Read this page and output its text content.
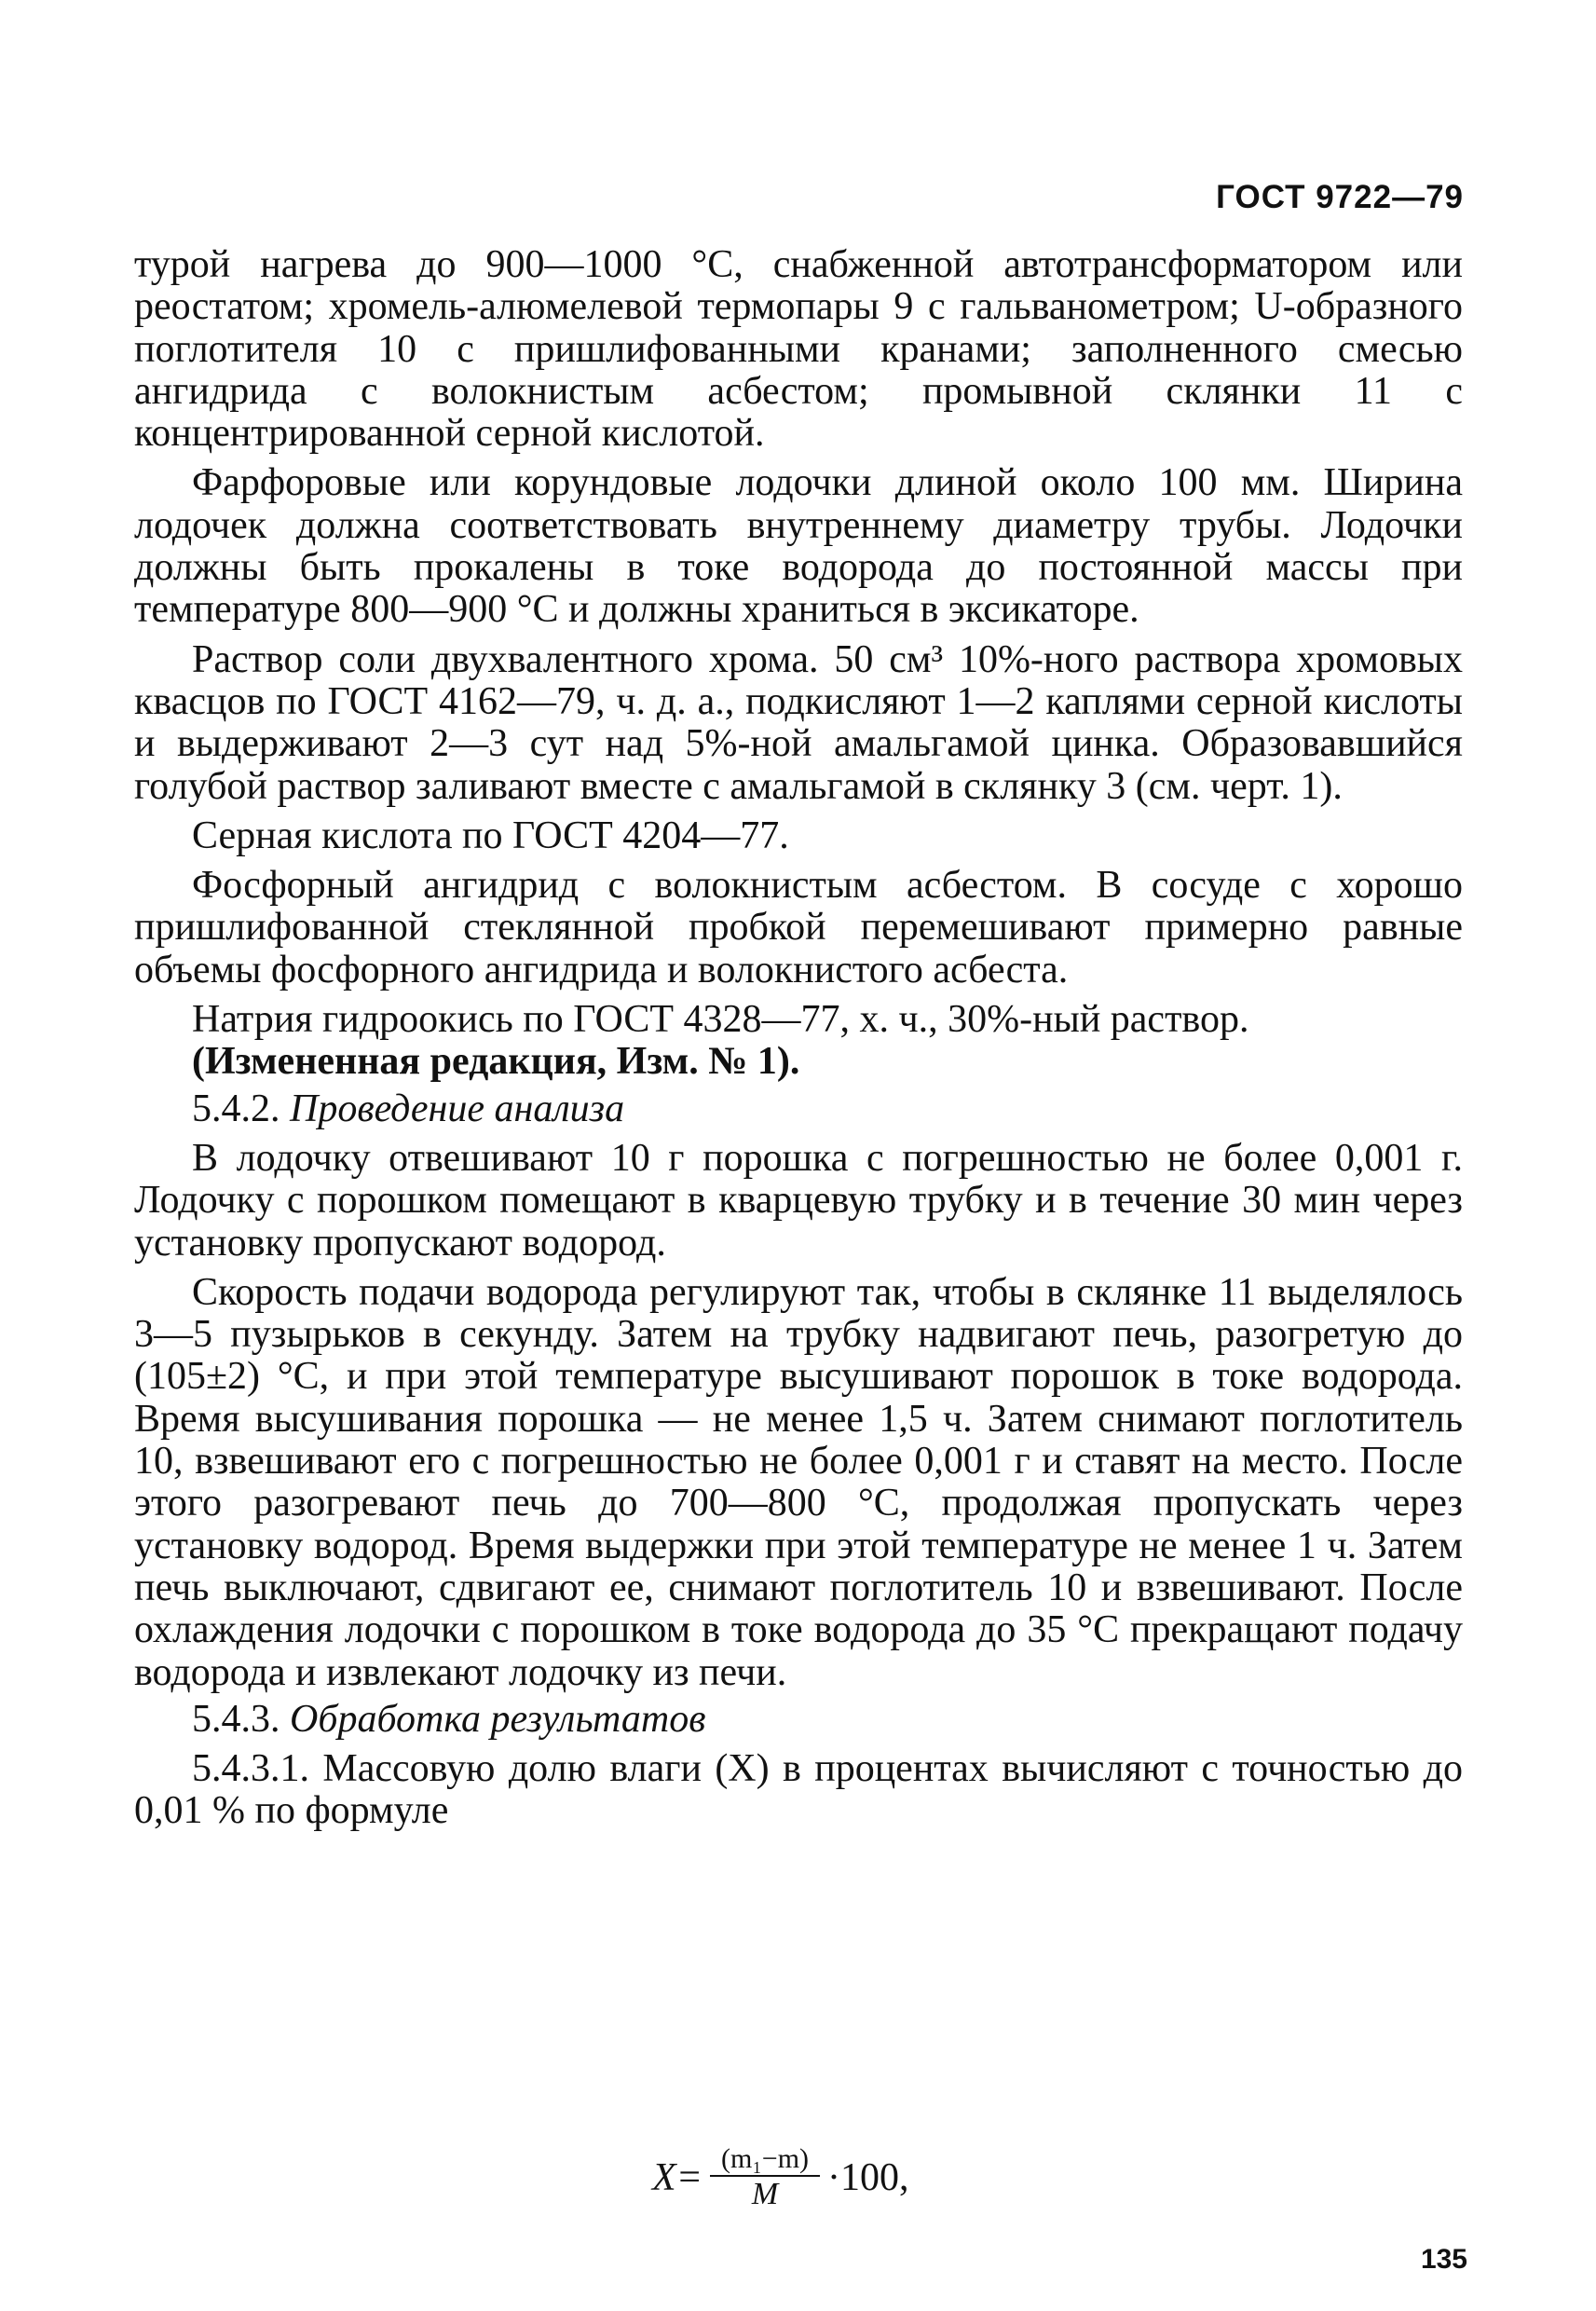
ГОСТ 9722—79

турой нагрева до 900—1000 °С, снабженной автотрансформатором или реостатом; хромель-алюмелевой термопары 9 с гальванометром; U-образного поглотителя 10 с пришлифованными кранами; заполненного смесью ангидрида с волокнистым асбестом; промывной склянки 11 с концентрированной серной кислотой.

Фарфоровые или корундовые лодочки длиной около 100 мм. Ширина лодочек должна соответствовать внутреннему диаметру трубы. Лодочки должны быть прокалены в токе водорода до постоянной массы при температуре 800—900 °С и должны храниться в эксикаторе.

Раствор соли двухвалентного хрома. 50 см³ 10%-ного раствора хромовых квасцов по ГОСТ 4162—79, ч. д. а., подкисляют 1—2 каплями серной кислоты и выдерживают 2—3 сут над 5%-ной амальгамой цинка. Образовавшийся голубой раствор заливают вместе с амальгамой в склянку 3 (см. черт. 1).

Серная кислота по ГОСТ 4204—77.

Фосфорный ангидрид с волокнистым асбестом. В сосуде с хорошо пришлифованной стеклянной пробкой перемешивают примерно равные объемы фосфорного ангидрида и волокнистого асбеста.

Натрия гидроокись по ГОСТ 4328—77, х. ч., 30%-ный раствор.

(Измененная редакция, Изм. № 1).

5.4.2. Проведение анализа

В лодочку отвешивают 10 г порошка с погрешностью не более 0,001 г. Лодочку с порошком помещают в кварцевую трубку и в течение 30 мин через установку пропускают водород.

Скорость подачи водорода регулируют так, чтобы в склянке 11 выделялось 3—5 пузырьков в секунду. Затем на трубку надвигают печь, разогретую до (105±2) °С, и при этой температуре высушивают порошок в токе водорода. Время высушивания порошка — не менее 1,5 ч. Затем снимают поглотитель 10, взвешивают его с погрешностью не более 0,001 г и ставят на место. После этого разогревают печь до 700—800 °С, продолжая пропускать через установку водород. Время выдержки при этой температуре не менее 1 ч. Затем печь выключают, сдвигают ее, снимают поглотитель 10 и взвешивают. После охлаждения лодочки с порошком в токе водорода до 35 °С прекращают подачу водорода и извлекают лодочку из печи.

5.4.3. Обработка результатов

5.4.3.1. Массовую долю влаги (X) в процентах вычисляют с точностью до 0,01 % по формуле

$X= \frac{\text{(m₁−m)}}{M} \cdot 100$,
135
